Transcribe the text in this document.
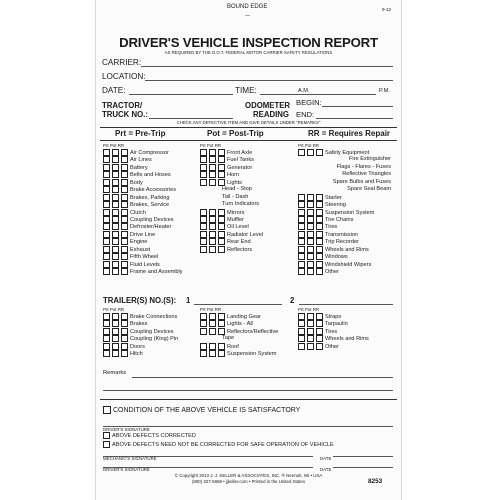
BOUND EDGE
—
9-12
DRIVER'S VEHICLE INSPECTION REPORT
AS REQUIRED BY THE D.O.T. FEDERAL MOTOR CARRIER SAFETY REGULATIONS
CARRIER:
LOCATION:
DATE:	TIME:	A.M.	P.M.
TRACTOR/
TRUCK NO.:
ODOMETER
READING
BEGIN:
END:
CHECK ANY DEFECTIVE ITEM AND GIVE DETAILS UNDER "REMARKS"
Prt = Pre-Trip	Pot = Post-Trip	RR = Requires Repair
Prt Pot RR	Prt Pot RR	Prt Pot RR
Air Compressor
Air Lines
Battery
Belts and Hoses
Body
Brake Accessories
Brakes, Parking
Brakes, Service
Clutch
Coupling Devices
Defroster/Heater
Drive Line
Engine
Exhaust
Fifth Wheel
Fluid Levels
Frame and Assembly
Front Axle
Fuel Tanks
Generator
Horn
Lights
Head - Stop
Tail - Dash
Turn Indicators
Mirrors
Muffler
Oil Level
Radiator Level
Rear End
Reflectors
Safety Equipment
Fire Extinguisher
Flags - Flares - Fuses
Reflective Triangles
Spare Bulbs and Fuses
Spare Seal Beam
Starter
Steering
Suspension System
Tire Chains
Tires
Transmission
Trip Recorder
Wheels and Rims
Windows
Windshield Wipers
Other
TRAILER(S) NO.(S): 1	2
Prt Pot RR	Prt Pot RR	Prt Pot RR
Brake Connections
Brakes
Coupling Devices
Coupling (King) Pin
Doors
Hitch
Landing Gear
Lights - All
Reflectors/Reflective
Tape
Roof
Suspension System
Straps
Tarpaulin
Tires
Wheels and Rims
Other
Remarks
CONDITION OF THE ABOVE VEHICLE IS SATISFACTORY
DRIVER'S SIGNATURE
ABOVE DEFECTS CORRECTED
ABOVE DEFECTS NEED NOT BE CORRECTED FOR SAFE OPERATION OF VEHICLE
MECHANIC'S SIGNATURE	DATE
DRIVER'S SIGNATURE	DATE
© Copyright 2013 J. J. KELLER & ASSOCIATES, INC. ® Neenah, WI • USA
(800) 327-6868 • jjkeller.com • Printed in the United States	8253
